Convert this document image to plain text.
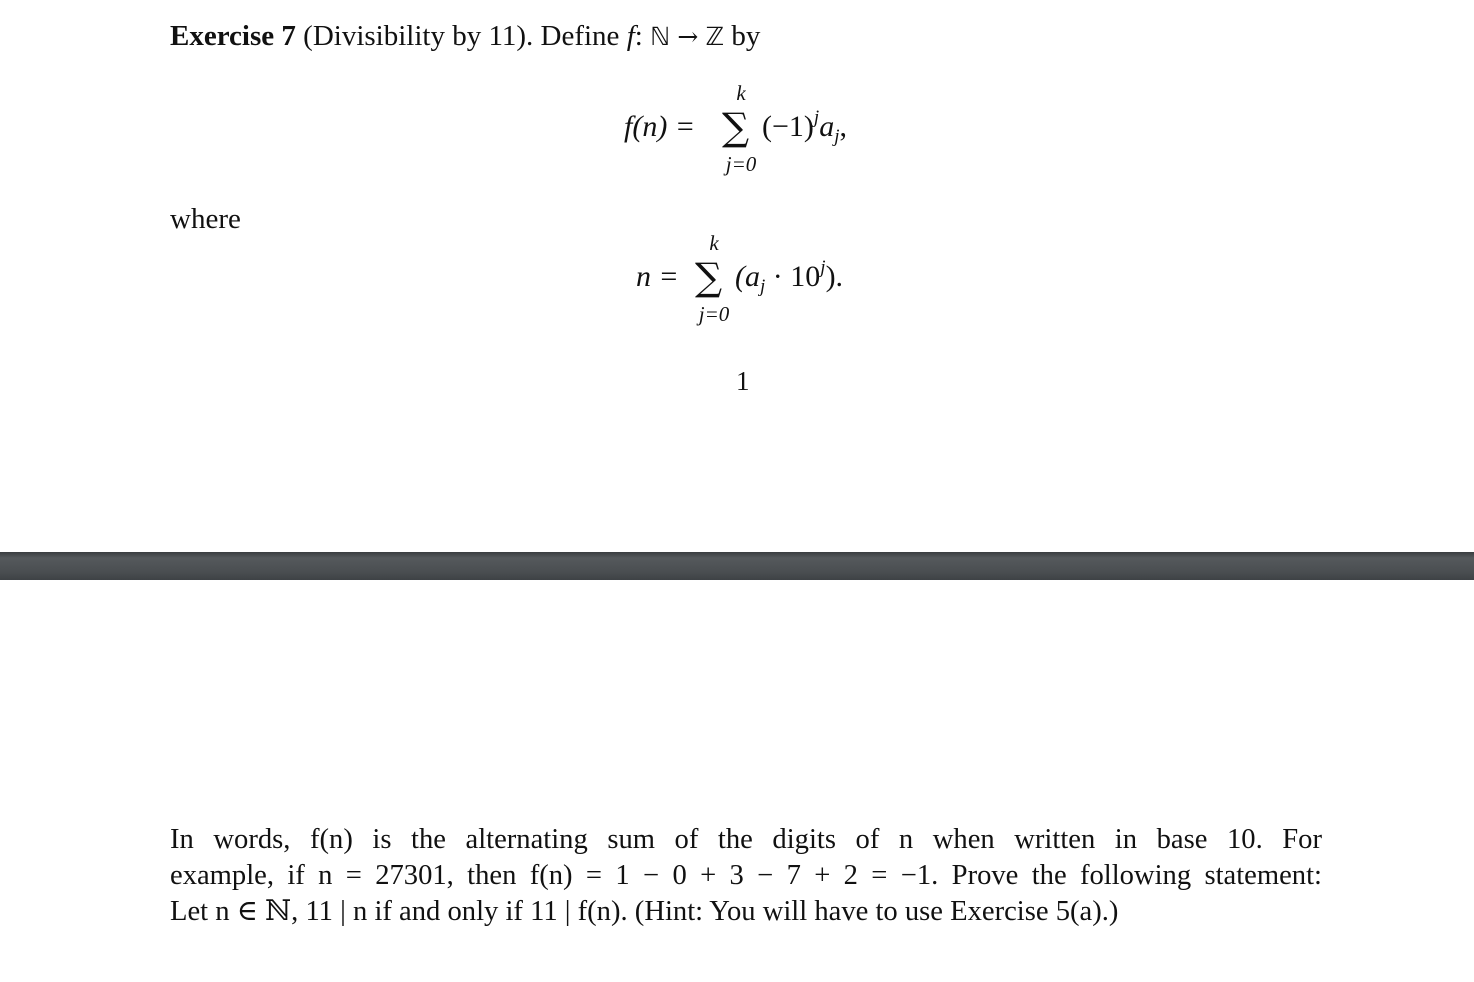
Exercise 7 (Divisibility by 11). Define f: ℕ → ℤ by
f(n) =
k
∑
j=0
$(-1)^ja_j$,
where
n =
k
∑
j=0
$(a_j \cdot 10^j)$.
1
In words, f(n) is the alternating sum of the digits of n when written in base 10. For
example, if n = 27301, then f(n) = 1 − 0 + 3 − 7 + 2 = −1. Prove the following statement:
Let n ∈ ℕ, 11 | n if and only if 11 | f(n). (Hint: You will have to use Exercise 5(a).)
